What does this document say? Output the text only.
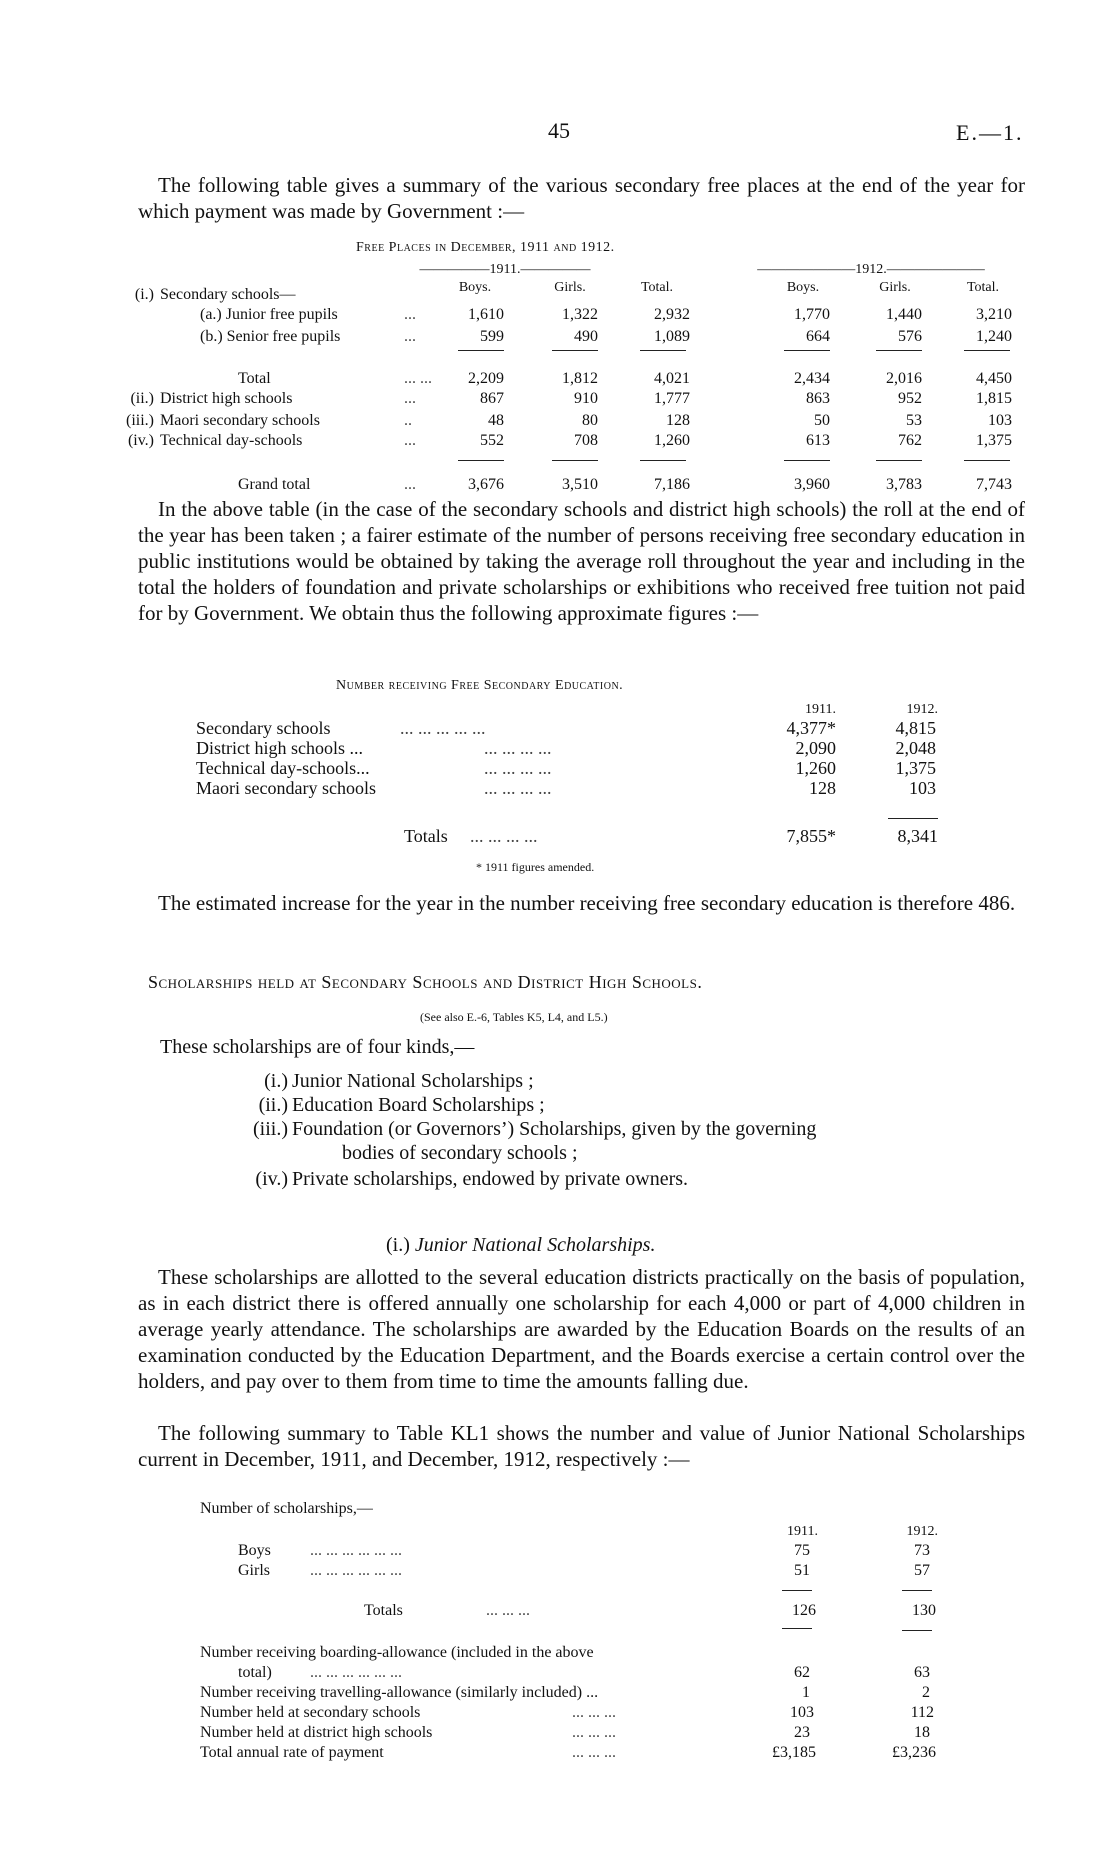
45	E.—1.
The following table gives a summary of the various secondary free places at the end of the year for which payment was made by Government :—
Free Places in December, 1911 and 1912.
—————1911.—————	———————1912.———————
Boys.	Girls.	Total.	Boys.	Girls.	Total.
(i.) Secondary schools—
(a.) Junior free pupils	...	1,610	1,322	2,932	1,770	1,440	3,210
(b.) Senior free pupils	...	599	490	1,089	664	576	1,240
Total	... ...	2,209	1,812	4,021	2,434	2,016	4,450
(ii.) District high schools	...	867	910	1,777	863	952	1,815
(iii.) Maori secondary schools	..	48	80	128	50	53	103
(iv.) Technical day-schools	...	552	708	1,260	613	762	1,375
Grand total	...	3,676	3,510	7,186	3,960	3,783	7,743
In the above table (in the case of the secondary schools and district high schools) the roll at the end of the year has been taken ; a fairer estimate of the number of persons receiving free secondary education in public institutions would be obtained by taking the average roll throughout the year and including in the total the holders of foundation and private scholarships or exhibitions who received free tuition not paid for by Government. We obtain thus the following approximate figures :—
Number receiving Free Secondary Education.
1911.	1912.
Secondary schools	... ... ... ... ...	4,377*	4,815
District high schools ...	... ... ... ...	2,090	2,048
Technical day-schools...	... ... ... ...	1,260	1,375
Maori secondary schools	... ... ... ...	128	103
Totals ... ... ... ...	7,855*	8,341
* 1911 figures amended.
The estimated increase for the year in the number receiving free secondary education is therefore 486.
Scholarships held at Secondary Schools and District High Schools.
(See also E.-6, Tables K5, L4, and L5.)
These scholarships are of four kinds,—
(i.) Junior National Scholarships ;
(ii.) Education Board Scholarships ;
(iii.) Foundation (or Governors’) Scholarships, given by the governing
bodies of secondary schools ;
(iv.) Private scholarships, endowed by private owners.
(i.) Junior National Scholarships.
These scholarships are allotted to the several education districts practically on the basis of population, as in each district there is offered annually one scholarship for each 4,000 or part of 4,000 children in average yearly attendance. The scholarships are awarded by the Education Boards on the results of an examination conducted by the Education Department, and the Boards exercise a certain control over the holders, and pay over to them from time to time the amounts falling due.
The following summary to Table KL1 shows the number and value of Junior National Scholarships current in December, 1911, and December, 1912, respectively :—
Number of scholarships,—
1911.	1912.
Boys ... ... ... ... ... ...	75	73
Girls	... ... ... ... ... ...	51	57
Totals	... ... ...	126	130
Number receiving boarding-allowance (included in the above
total) ... ... ... ... ... ...	62	63
Number receiving travelling-allowance (similarly included) ...	1	2
Number held at secondary schools	... ... ...	103	112
Number held at district high schools	... ... ...	23	18
Total annual rate of payment	... ... ...	£3,185	£3,236
